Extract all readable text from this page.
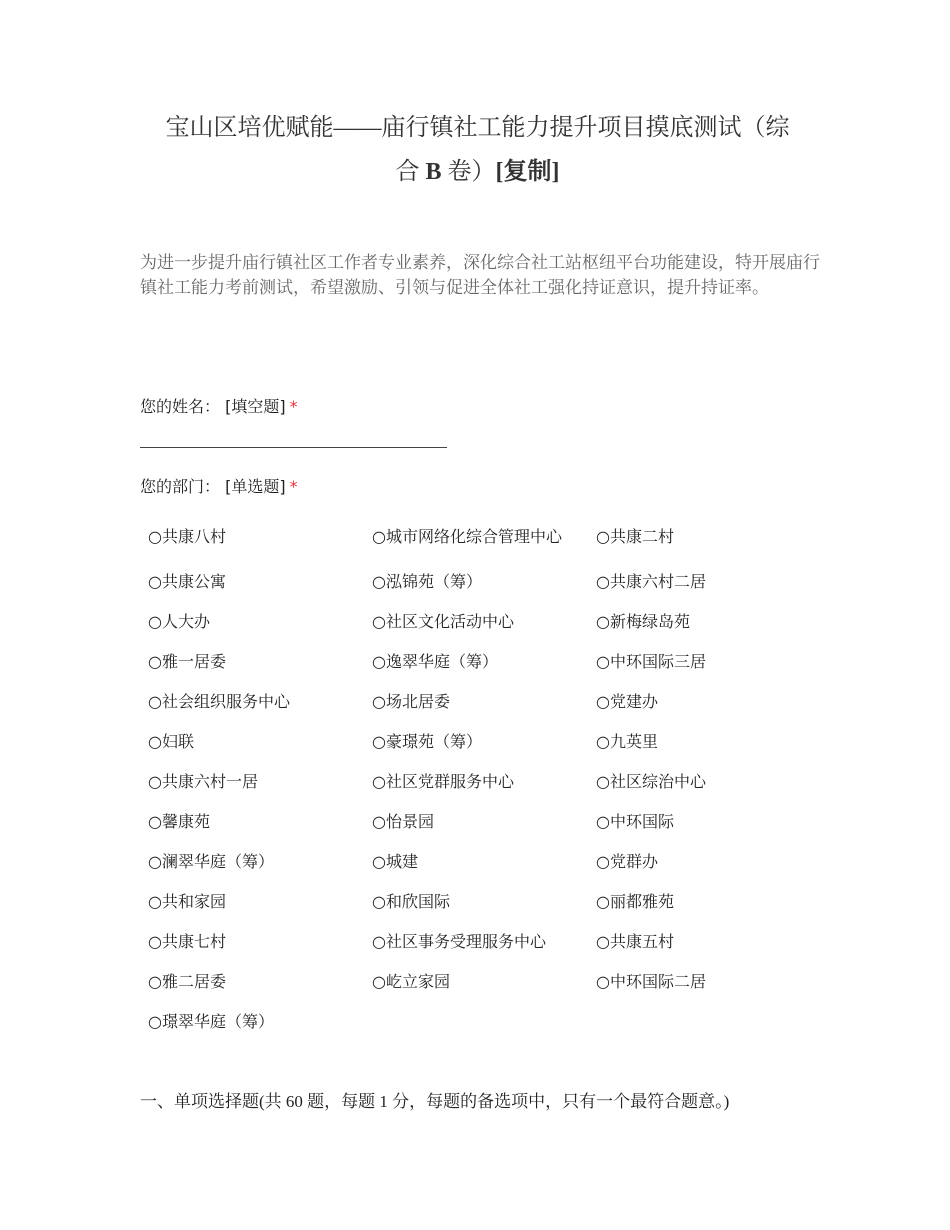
宝山区培优赋能——庙行镇社工能力提升项目摸底测试（综
合 B 卷）[复制]
为进一步提升庙行镇社区工作者专业素养，深化综合社工站枢纽平台功能建设，特开展庙行镇社工能力考前测试，希望激励、引领与促进全体社工强化持证意识，提升持证率。
您的姓名： [填空题] *
您的部门： [单选题] *
○ 共康八村	○ 城市网络化综合管理中心 ○ 共康二村
○ 共康公寓	○ 泓锦苑（筹）	○ 共康六村二居
○ 人大办	○ 社区文化活动中心	○ 新梅绿岛苑
○ 雅一居委	○ 逸翠华庭（筹）	○ 中环国际三居
○ 社会组织服务中心	○ 场北居委	○ 党建办
○ 妇联	○ 豪璟苑（筹）	○ 九英里
○ 共康六村一居	○ 社区党群服务中心	○ 社区综治中心
○ 馨康苑	○ 怡景园	○ 中环国际
○ 澜翠华庭（筹）	○ 城建	○ 党群办
○ 共和家园	○ 和欣国际	○ 丽都雅苑
○ 共康七村	○ 社区事务受理服务中心	○ 共康五村
○ 雅二居委	○ 屹立家园	○ 中环国际二居
○ 璟翠华庭（筹）
一、单项选择题(共 60 题，每题 1 分，每题的备选项中，只有一个最符合题意。)
